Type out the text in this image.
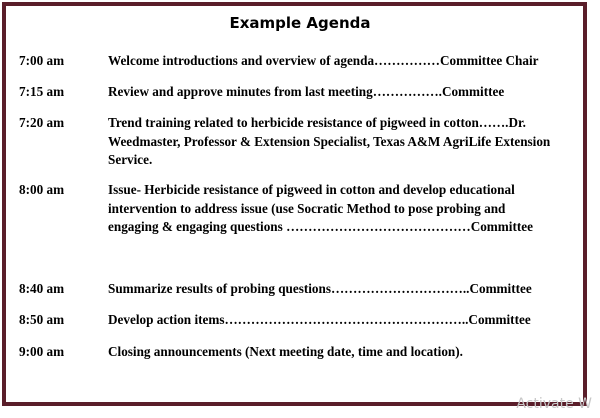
Example Agenda
7:00 am	Welcome introductions and overview of agenda……………Committee Chair
7:15 am	Review and approve minutes from last meeting…………….Committee
7:20 am	Trend training related to herbicide resistance of pigweed in cotton…….Dr.
Weedmaster, Professor & Extension Specialist, Texas A&M AgriLife Extension
Service.
8:00 am	Issue- Herbicide resistance of pigweed in cotton and develop educational
intervention to address issue (use Socratic Method to pose probing and
engaging & engaging questions ……………………………………Committee
8:40 am	Summarize results of probing questions…………………………..Committee
8:50 am	Develop action items………………………………………………..Committee
9:00 am	Closing announcements (Next meeting date, time and location).
Activate W
